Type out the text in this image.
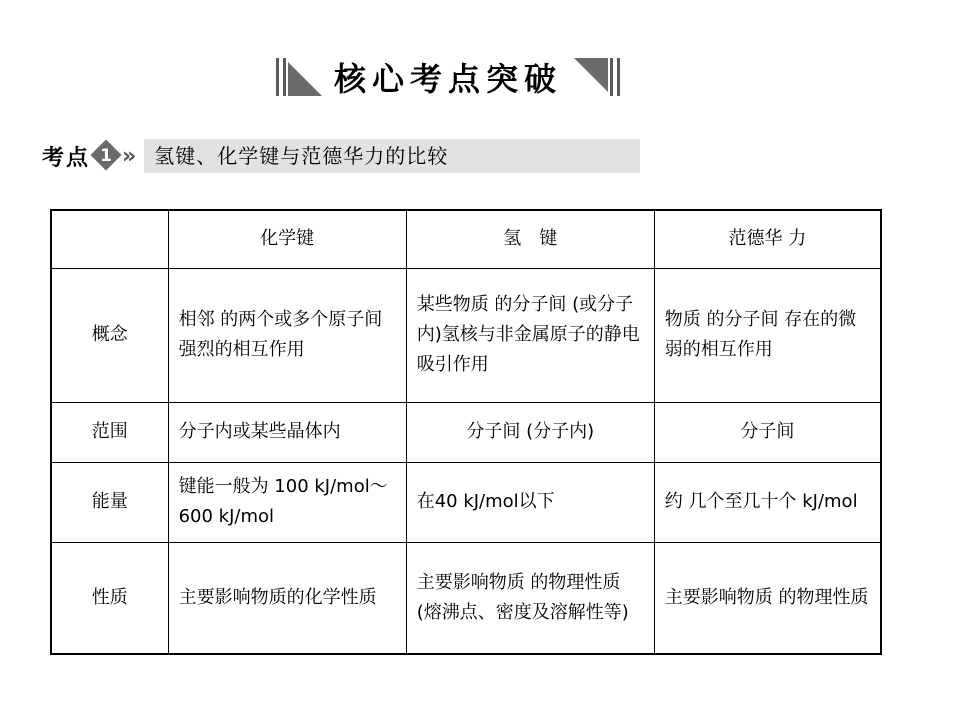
核心考点突破
考点 1 »	氢键、化学键与范德华力的比较
	化学键	氢　键	范德华 力
概念	相邻 的两个或多个原子间 强烈的相互作用	某些物质 的分子间 (或分子内)氢核与非金属原子的静电吸引作用	物质 的分子间 存在的微弱的相互作用
范围	分子内或某些晶体内	分子间 (分子内)	分子间
能量	键能一般为 100 kJ/mol～600 kJ/mol	在40 kJ/mol以下	约 几个至几十个 kJ/mol
性质	主要影响物质的化学性质	主要影响物质 的物理性质 (熔沸点、密度及溶解性等)	主要影响物质 的物理性质
